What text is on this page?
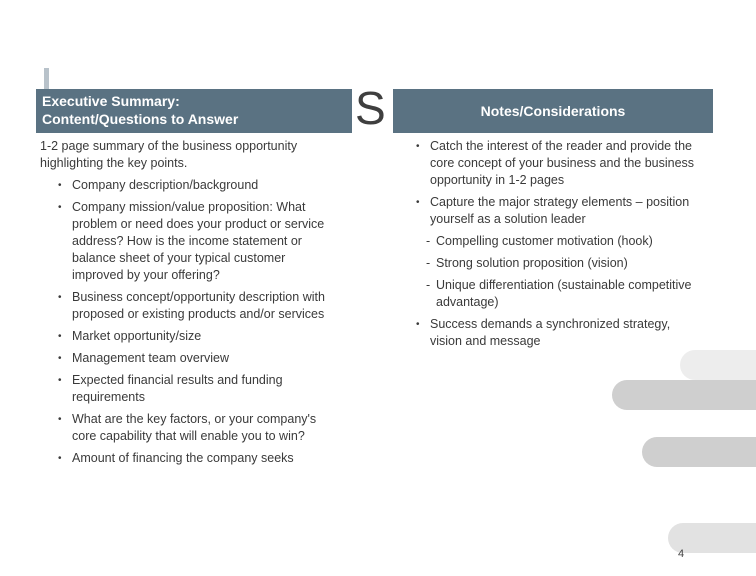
Executive Summary:
Content/Questions to Answer	S	Notes/Considerations

1-2 page summary of the business opportunity highlighting the key points.

• Company description/background
• Company mission/value proposition: What problem or need does your product or service address? How is the income statement or balance sheet of your typical customer improved by your offering?
• Business concept/opportunity description with proposed or existing products and/or services
• Market opportunity/size
• Management team overview
• Expected financial results and funding requirements
• What are the key factors, or your company's core capability that will enable you to win?
• Amount of financing the company seeks
• Catch the interest of the reader and provide the core concept of your business and the business opportunity in 1-2 pages
• Capture the major strategy elements – position yourself as a solution leader
- Compelling customer motivation (hook)
- Strong solution proposition (vision)
- Unique differentiation (sustainable competitive advantage)
• Success demands a synchronized strategy, vision and message
4
